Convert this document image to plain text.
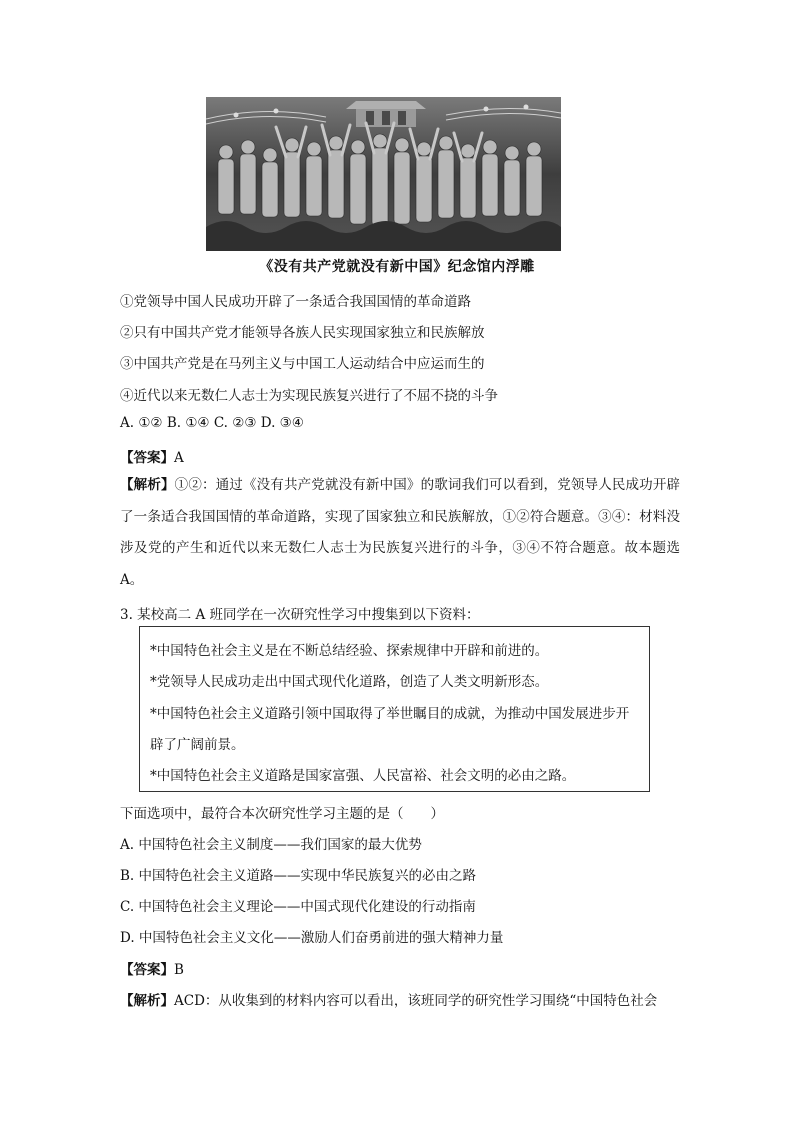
《没有共产党就没有新中国》纪念馆内浮雕
①党领导中国人民成功开辟了一条适合我国国情的革命道路
②只有中国共产党才能领导各族人民实现国家独立和民族解放
③中国共产党是在马列主义与中国工人运动结合中应运而生的
④近代以来无数仁人志士为实现民族复兴进行了不屈不挠的斗争
A. ①② B. ①④ C. ②③ D. ③④
【答案】A
【解析】①②：通过《没有共产党就没有新中国》的歌词我们可以看到，党领导人民成功开辟了一条适合我国国情的革命道路，实现了国家独立和民族解放，①②符合题意。③④：材料没涉及党的产生和近代以来无数仁人志士为民族复兴进行的斗争，③④不符合题意。故本题选 A。
3. 某校高二 A 班同学在一次研究性学习中搜集到以下资料：
*中国特色社会主义是在不断总结经验、探索规律中开辟和前进的。
*党领导人民成功走出中国式现代化道路，创造了人类文明新形态。
*中国特色社会主义道路引领中国取得了举世瞩目的成就，为推动中国发展进步开
辟了广阔前景。
*中国特色社会主义道路是国家富强、人民富裕、社会文明的必由之路。
下面选项中，最符合本次研究性学习主题的是（　　）
A. 中国特色社会主义制度——我们国家的最大优势
B. 中国特色社会主义道路——实现中华民族复兴的必由之路
C. 中国特色社会主义理论——中国式现代化建设的行动指南
D. 中国特色社会主义文化——激励人们奋勇前进的强大精神力量
【答案】B
【解析】ACD：从收集到的材料内容可以看出，该班同学的研究性学习围绕“中国特色社会
